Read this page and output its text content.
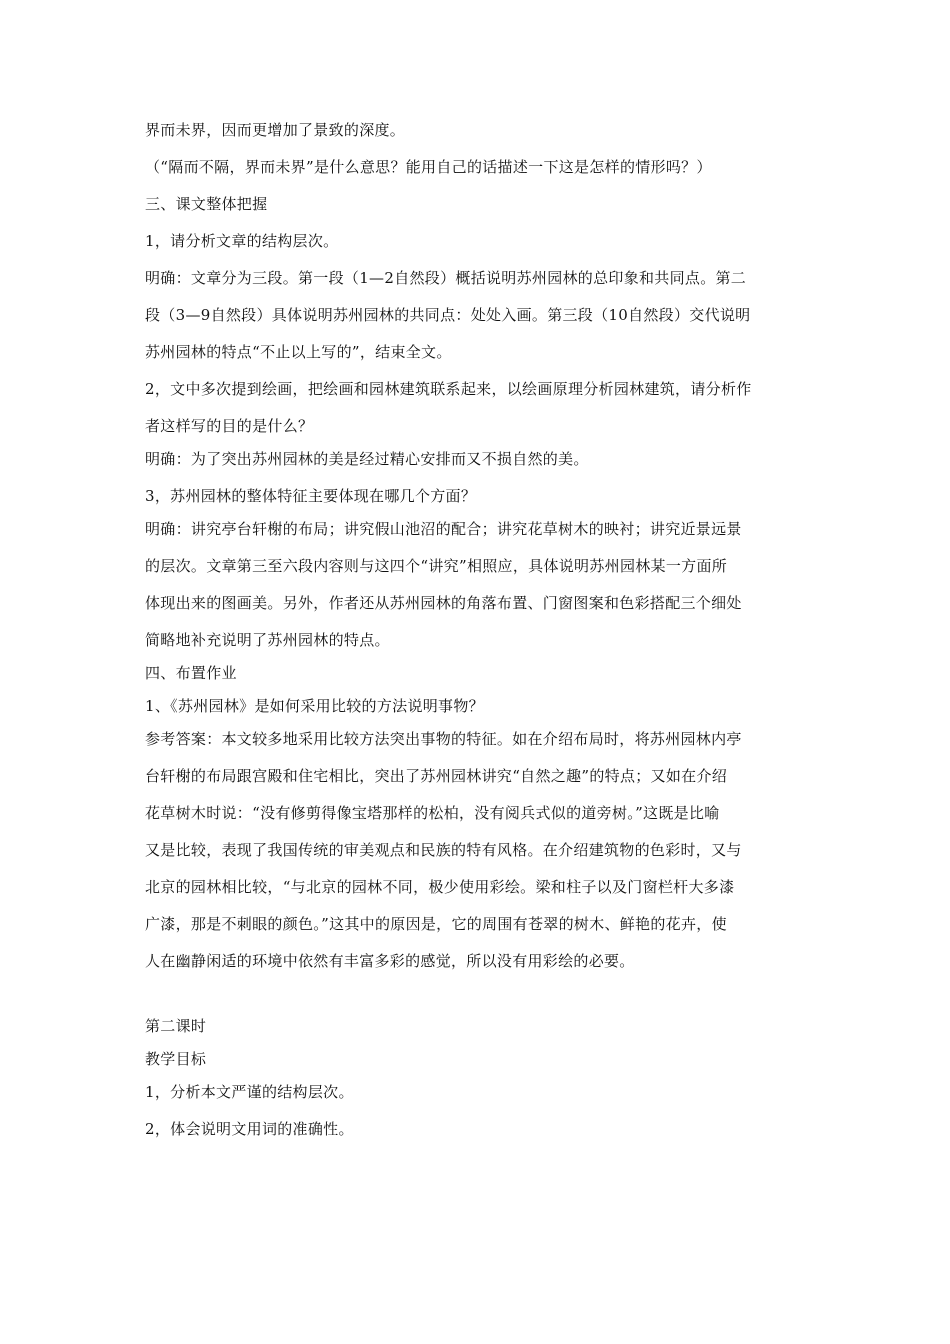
界而未界，因而更增加了景致的深度。
（“隔而不隔，界而未界”是什么意思？能用自己的话描述一下这是怎样的情形吗？）
三、课文整体把握
1，请分析文章的结构层次。
明确：文章分为三段。第一段（1—2自然段）概括说明苏州园林的总印象和共同点。第二
段（3—9自然段）具体说明苏州园林的共同点：处处入画。第三段（10自然段）交代说明
苏州园林的特点“不止以上写的”，结束全文。
2，文中多次提到绘画，把绘画和园林建筑联系起来，以绘画原理分析园林建筑，请分析作
者这样写的目的是什么？
明确：为了突出苏州园林的美是经过精心安排而又不损自然的美。
3，苏州园林的整体特征主要体现在哪几个方面？
明确：讲究亭台轩榭的布局；讲究假山池沼的配合；讲究花草树木的映衬；讲究近景远景
的层次。文章第三至六段内容则与这四个“讲究”相照应，具体说明苏州园林某一方面所
体现出来的图画美。另外，作者还从苏州园林的角落布置、门窗图案和色彩搭配三个细处
简略地补充说明了苏州园林的特点。
四、布置作业
1、《苏州园林》是如何采用比较的方法说明事物？
参考答案：本文较多地采用比较方法突出事物的特征。如在介绍布局时，将苏州园林内亭
台轩榭的布局跟宫殿和住宅相比，突出了苏州园林讲究“自然之趣”的特点；又如在介绍
花草树木时说：“没有修剪得像宝塔那样的松柏，没有阅兵式似的道旁树。”这既是比喻
又是比较，表现了我国传统的审美观点和民族的特有风格。在介绍建筑物的色彩时，又与
北京的园林相比较，“与北京的园林不同，极少使用彩绘。梁和柱子以及门窗栏杆大多漆
广漆，那是不刺眼的颜色。”这其中的原因是，它的周围有苍翠的树木、鲜艳的花卉，使
人在幽静闲适的环境中依然有丰富多彩的感觉，所以没有用彩绘的必要。
第二课时
教学目标
1，分析本文严谨的结构层次。
2，体会说明文用词的准确性。
